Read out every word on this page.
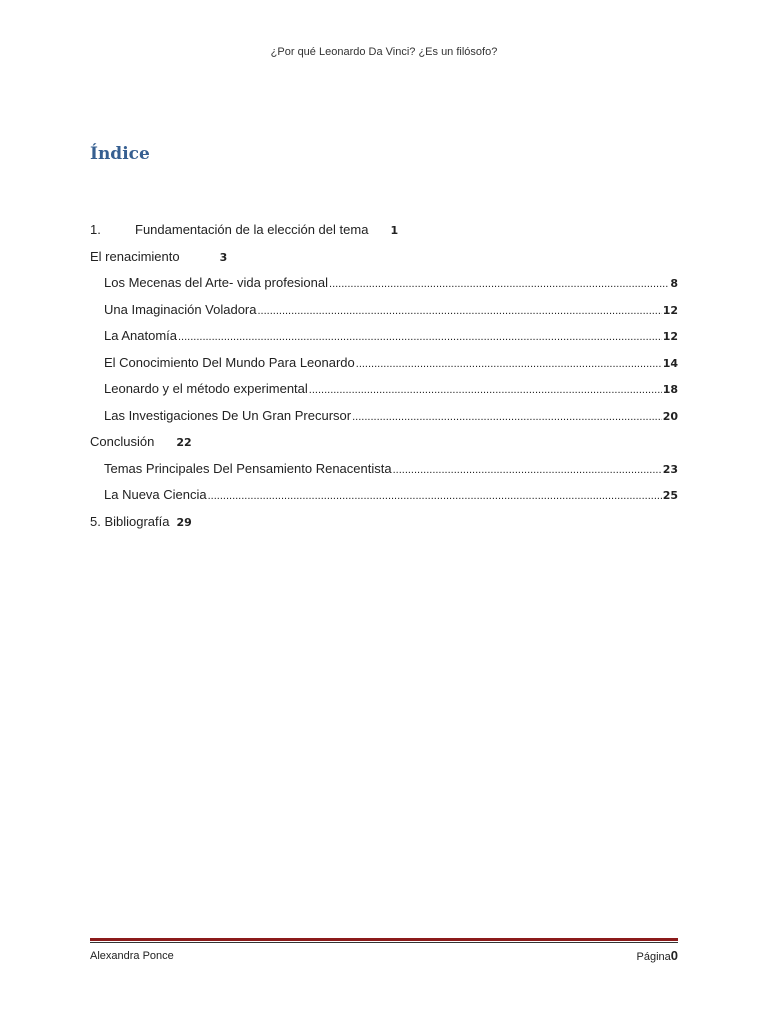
¿Por qué Leonardo Da Vinci? ¿Es un filósofo?
Índice
1.	Fundamentación de la elección del tema 1
El renacimiento	3
Los Mecenas del Arte- vida profesional .....	8
Una Imaginación Voladora .....	12
La Anatomía .....	12
El Conocimiento Del Mundo Para Leonardo .....	14
Leonardo y el método experimental .....	18
Las Investigaciones De Un Gran Precursor .....	20
Conclusión 22
Temas Principales Del Pensamiento Renacentista .....	23
La Nueva Ciencia .....	25
5. Bibliografía 29
Alexandra Ponce	Página0
